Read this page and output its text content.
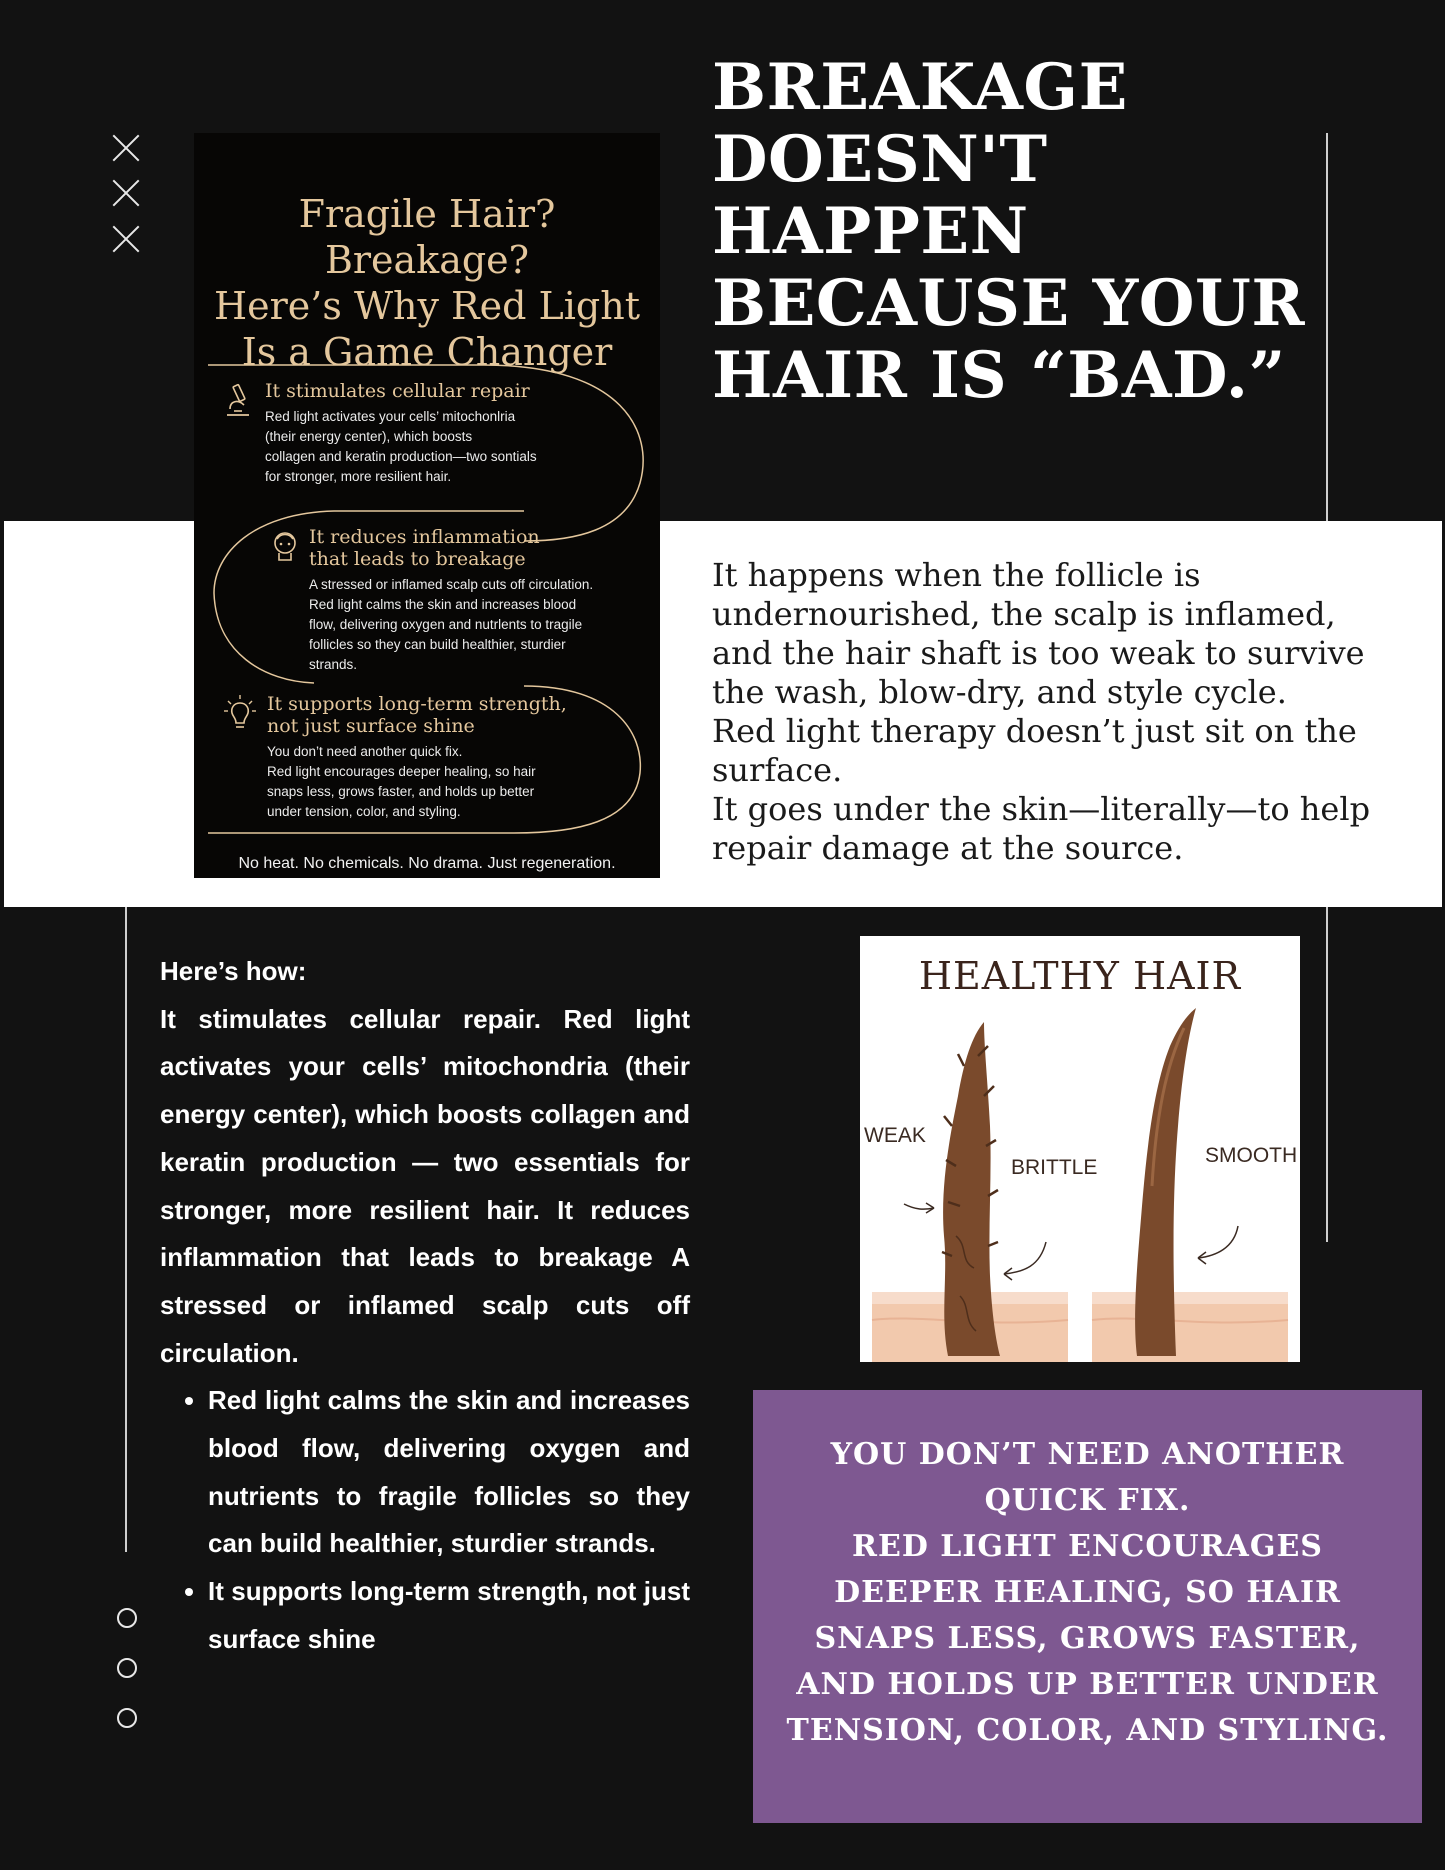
BREAKAGE DOESN'T HAPPEN BECAUSE YOUR HAIR IS “BAD.”

It happens when the follicle is undernourished, the scalp is inflamed, and the hair shaft is too weak to survive the wash, blow-dry, and style cycle.

Red light therapy doesn’t just sit on the surface.

It goes under the skin—literally—to help repair damage at the source.

Fragile Hair? Breakage?
Here’s Why Red Light
Is a Game Changer
It stimulates cellular repair
Red light activates your cells’ mitochonlria
(their energy center), which boosts
collagen and keratin production—two sontials
for stronger, more resilient hair.
It reduces inflammation
that leads to breakage
A stressed or inflamed scalp cuts off circulation.
Red light calms the skin and increases blood
flow, delivering oxygen and nutrlents to tragile
follicles so they can build healthier, sturdier
strands.
It supports long-term strength,
not just surface shine
You don’t need another quick fix.
Red light encourages deeper healing, so hair
snaps less, grows faster, and holds up better
under tension, color, and styling.
No heat. No chemicals. No drama. Just regeneration.

Here’s how:

It stimulates cellular repair. Red light activates your cells’ mitochondria (their energy center), which boosts collagen and keratin production — two essentials for stronger, more resilient hair. It reduces inflammation that leads to breakage A stressed or inflamed scalp cuts off circulation.

• Red light calms the skin and increases blood flow, delivering oxygen and nutrients to fragile follicles so they can build healthier, sturdier strands.
• It supports long-term strength, not just surface shine
HEALTHY HAIR
WEAK
BRITTLE
SMOOTH

YOU DON’T NEED ANOTHER QUICK FIX.

RED LIGHT ENCOURAGES DEEPER HEALING, SO HAIR SNAPS LESS, GROWS FASTER, AND HOLDS UP BETTER UNDER TENSION, COLOR, AND STYLING.
